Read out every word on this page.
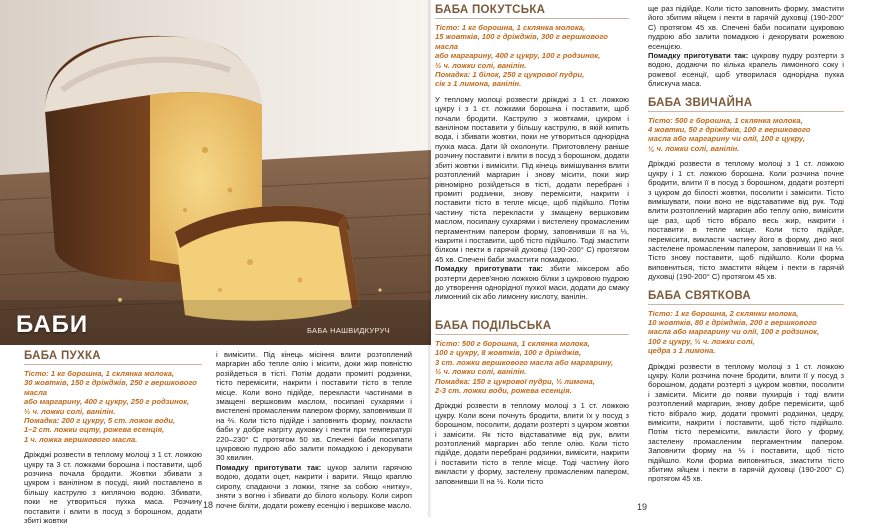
БАБИ	БАБА НАШВИДКУРУЧ
БАБА ПУХКА
Тісто: 1 кг борошна, 1 склянка молока,
30 жовтків, 150 г дріжджів, 250 г вершкового масла
або маргарину, 400 г цукру, 250 г родзинок,
½ ч. ложки солі, ванілін.
Помадка: 200 г цукру, 5 ст. ложок води,
1–2 ст. ложки оцту, рожева есенція,
1 ч. ложка вершкового масла.

Дріжджі розвести в теплому молоці з 1 ст. ложкою цукру та 3 ст. ложками борошна і поставити, щоб розчина почала бродити. Жовтки збивати з цукром і ваніліном в посуді, який поставлено в більшу каструлю з киплячою водою. Збивати, поки не утвориться пухка маса. Розчину поставити і влити в посуд з борошном, додати збиті жовтки

і вимісити. Під кінець місіння влити розтоплений маргарин або тепле олію і місити, доки жир повністю розійдеться в тісті. Потім додати промиті родзинки, тісто перемісити, накрити і поставити тісто в тепле місце. Коли воно підійде, перекласти частинами в змащені вершковим маслом, посипані сухарями і вистелені промасленим папером форму, заповнивши її на ⅔. Коли тісто підійде і заповнить форму, покласти баби у добре нагріту духовку і пекти при температурі 220–230° С протягом 50 хв. Спечені баби посипати цукровою пудрою або залити помадкою і декорувати 30 хвилин.

Помадку приготувати так: цукор залити гарячою водою, додати оцет, накрити і варити. Якщо краплю сиропу, спадаючи з ложки, тягне за собою «нитку», зняти з вогню і збивати до білого кольору. Коли сироп почне біліти, додати рожеву есенцію і вершкове масло.

18
БАБА ПОКУТСЬКА
Тісто: 1 кг борошна, 1 склянка молока,
15 жовтків, 100 г дріжджів, 300 г вершкового масла
або маргарину, 400 г цукру, 100 г родзинок,
½ ч. ложки солі, ванілін.
Помадка: 1 білок, 250 г цукрової пудри,
сік з 1 лимона, ванілін.

У теплому молоці розвести дріжджі з 1 ст. ложкою цукру і з 1 ст. ложками борошна і поставити, щоб почали бродити. Каструлю з жовтками, цукром і ваніліном поставити у більшу каструлю, в якій кипить вода, і збивати жовтки, поки не утвориться однорідна пухка маса. Дати їй охолонути. Приготовлену раніше розчину поставити і влити в посуд з борошном, додати збиті жовтки і вимісити. Під кінець вимішування влити розтоплений маргарин і знову місити, поки жир рівномірно розійдеться в тісті, додати перебрані і промиті родзинки, знову перемісити, накрити і поставити тісто в тепле місце, щоб підійшло. Потім частину тіста перекласти у змащену вершковим маслом, посипану сухарями і вистелену промасленим пергаментним папером форму, заповнивши її на ⅓, накрити і поставити, щоб тісто підійшло. Тоді змастити білком і пекти в гарячій духовці (190-200° С) протягом 45 хв. Спечені баби змастити помадкою.

Помадку приготувати так: збити міксером або розтерти дерев'яною ложкою білки з цукровою пудрою до утворення однорідної пухкої маси, додати до смаку лимонний сік або лимонну кислоту, ванілін.

БАБА ПОДІЛЬСЬКА
Тісто: 500 г борошна, 1 склянка молока,
100 г цукру, 8 жовтків, 100 г дріжджів,
3 ст. ложки вершкового масла або маргарину,
½ ч. ложки солі, ванілін.
Помадка: 150 г цукрової пудри, ½ лимона,
2-3 ст. ложки води, рожева есенція.

Дріжджі розвести в теплому молоці з 1 ст. ложкою цукру. Коли вони почнуть бродити, влити їх у посуд з борошном, посолити, додати розтерті з цукром жовтки і замісити. Як тісто відставатиме від рук, влити розтоплений маргарин або тепле олію. Коли тісто підійде, додати перебрані родзинки, вимісити, накрити і поставити тісто в тепле місце. Тоді частину його викласти у форму, застелену промасленим папером, заповнивши її на ½. Коли тісто

ще раз підійде. Коли тісто заповнить форму, змастити його збитим яйцем і пекти в гарячій духовці (190-200° С) протягом 45 хв. Спечені баби посипати цукровою пудрою або залити помадкою і декорувати рожевою есенцією.

Помадку приготувати так: цукрову пудру розтерти з водою, додаючи по кілька крапель лимонного соку і рожевої есенції, щоб утворилася однорідна пухка блискуча маса.

БАБА ЗВИЧАЙНА
Тісто: 500 г борошна, 1 склянка молока,
4 жовтки, 50 г дріжджів, 100 г вершкового
масла або маргарину чи олії, 100 г цукру,
¼ ч. ложки солі, ванілін.

Дріжджі розвести в теплому молоці з 1 ст. ложкою цукру і 1 ст. ложкою борошна. Коли розчина почне бродити, влити її в посуд з борошном, додати розтерті з цукром до білості жовтки, посолити і замісити. Тісто вимішувати, поки воно не відставатиме від рук. Тоді влити розтоплений маргарин або теплу олію, вимісити ще раз, щоб тісто вбрало весь жир, накрити і поставити в тепле місце. Коли тісто підійде, перемісити, викласти частину його в форму, дно якої застелене промасленим папером, заповнивши її на ⅓. Тісто знову поставити, щоб підійшло. Коли форма виповниться, тісто змастити яйцем і пекти в гарячій духовці (190-200° С) протягом 45 хв.

БАБА СВЯТКОВА
Тісто: 1 кг борошна, 2 склянки молока,
10 жовтків, 80 г дріжджів, 200 г вершкового
масла або маргарину чи олії, 100 г родзинок,
100 г цукру, ½ ч. ложки солі,
цедра з 1 лимона.

Дріжджі розвести в теплому молоці з 1 ст. ложкою цукру. Коли розчина почне бродити, влити її у посуд з борошном, додати розтерті з цукром жовтки, посолити і замісити. Місити до появи пухирців і тоді влити розтоплений маргарин, знову добре перемісити, щоб тісто вібрало жир, додати промиті родзинки, цедру, вимісити, накрити і поставити, щоб тісто підійшло. Потім тісто перемісити, викласти його у форму, застелену промасленим пергаментним папером. Заповнити форму на ⅓ і поставити, щоб тісто підійшло. Коли форма виповниться, змастити тісто збитим яйцем і пекти в гарячій духовці (190-200° С) протягом 45 хв.

19
